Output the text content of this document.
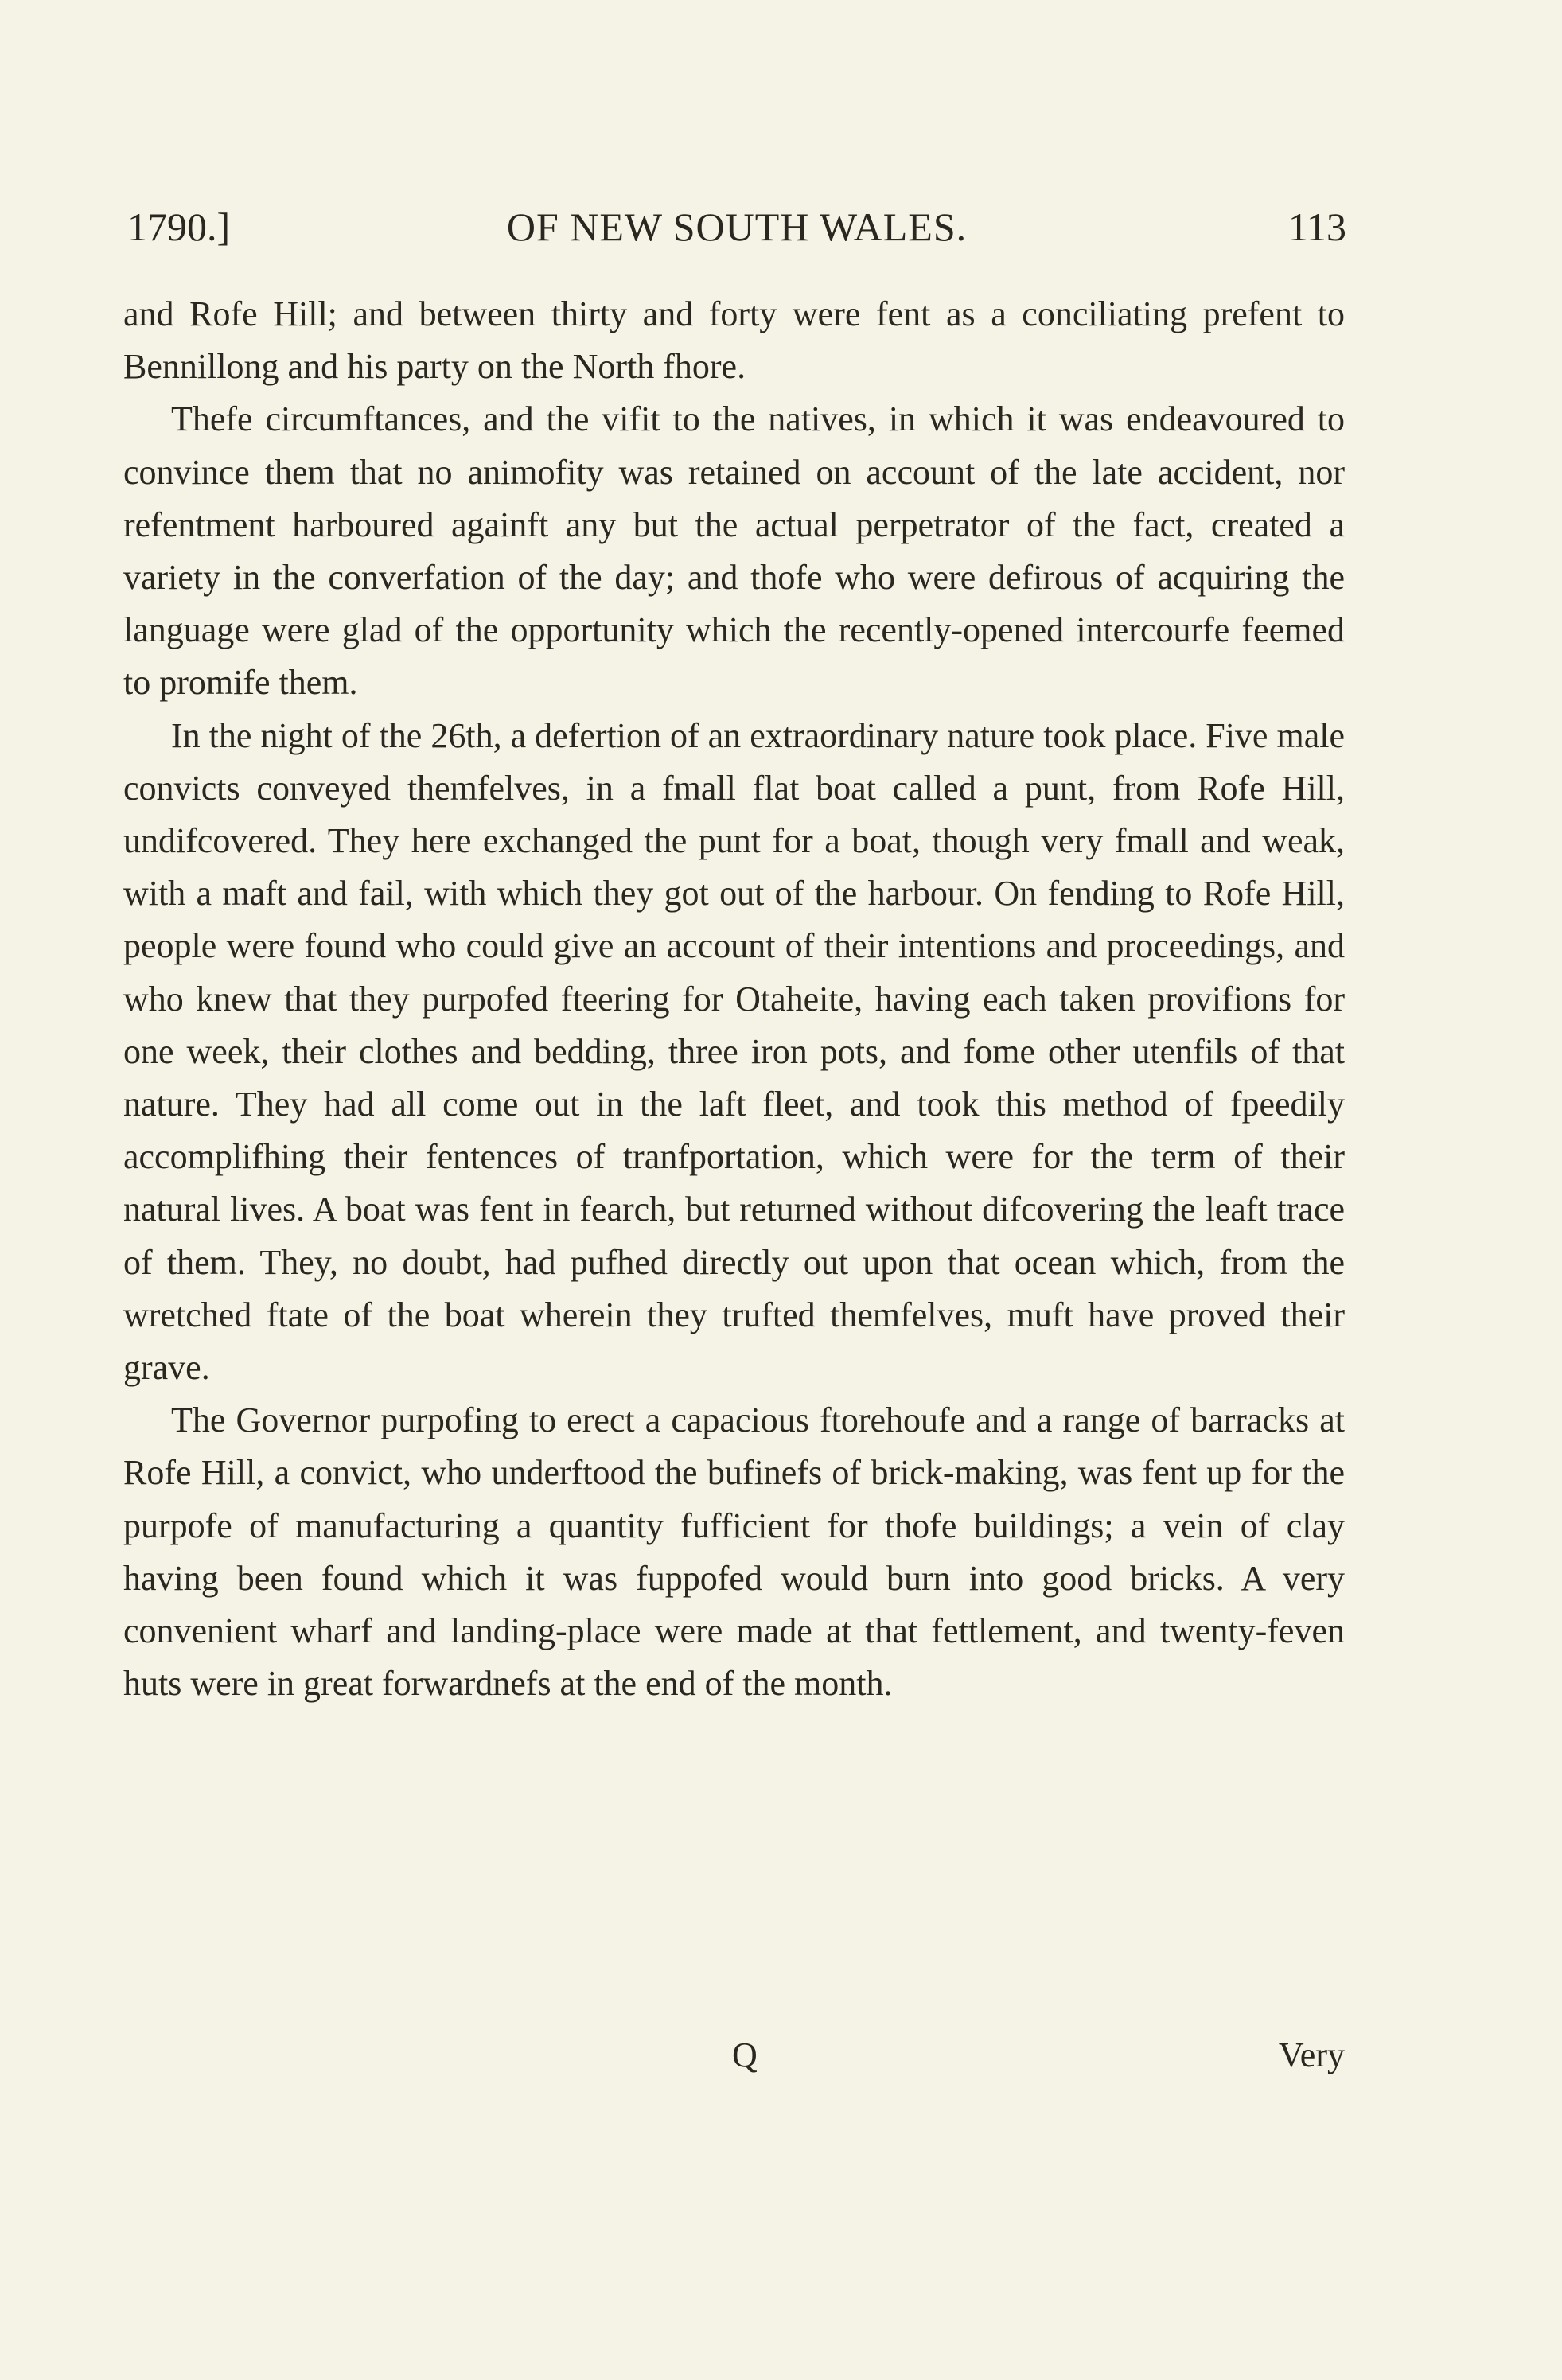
1790.]	OF NEW SOUTH WALES.	113

and Rofe Hill; and between thirty and forty were fent as a conciliating prefent to Bennillong and his party on the North fhore.

Thefe circumftances, and the vifit to the natives, in which it was endeavoured to convince them that no animofity was retained on account of the late accident, nor refentment harboured againft any but the actual perpetrator of the fact, created a variety in the converfation of the day; and thofe who were defirous of acquiring the language were glad of the opportunity which the recently-opened intercourfe feemed to promife them.

In the night of the 26th, a defertion of an extraordinary nature took place. Five male convicts conveyed themfelves, in a fmall flat boat called a punt, from Rofe Hill, undifcovered. They here exchanged the punt for a boat, though very fmall and weak, with a maft and fail, with which they got out of the harbour. On fending to Rofe Hill, people were found who could give an account of their intentions and proceedings, and who knew that they purpofed fteering for Otaheite, having each taken provifions for one week, their clothes and bedding, three iron pots, and fome other utenfils of that nature. They had all come out in the laft fleet, and took this method of fpeedily accomplifhing their fentences of tranfportation, which were for the term of their natural lives. A boat was fent in fearch, but returned without difcovering the leaft trace of them. They, no doubt, had pufhed directly out upon that ocean which, from the wretched ftate of the boat wherein they trufted themfelves, muft have proved their grave.

The Governor purpofing to erect a capacious ftorehoufe and a range of barracks at Rofe Hill, a convict, who underftood the bufinefs of brick-making, was fent up for the purpofe of manufacturing a quantity fufficient for thofe buildings; a vein of clay having been found which it was fuppofed would burn into good bricks. A very convenient wharf and landing-place were made at that fettlement, and twenty-feven huts were in great forwardnefs at the end of the month.

Q	Very
